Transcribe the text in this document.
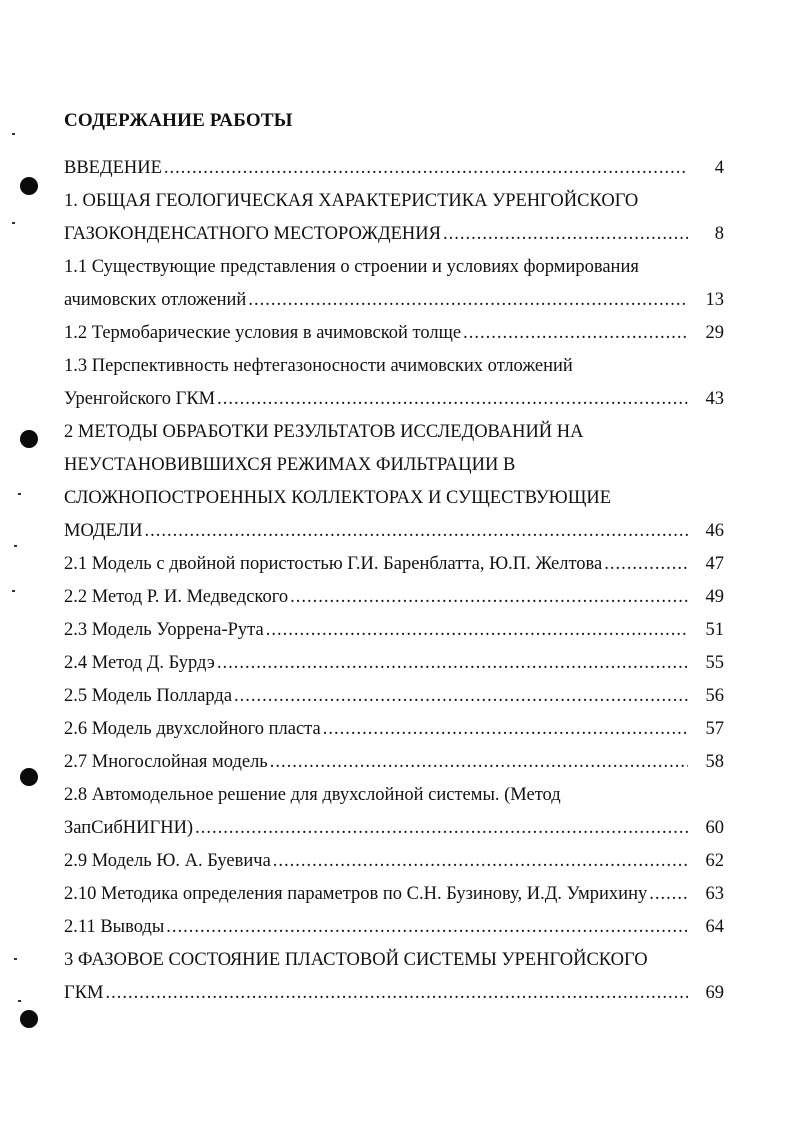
СОДЕРЖАНИЕ РАБОТЫ
ВВЕДЕНИЕ .....	4
1. ОБЩАЯ ГЕОЛОГИЧЕСКАЯ ХАРАКТЕРИСТИКА УРЕНГОЙСКОГО
ГАЗОКОНДЕНСАТНОГО МЕСТОРОЖДЕНИЯ .....	8
1.1 Существующие представления о строении и условиях формирования
ачимовских отложений .....	13
1.2 Термобарические условия в ачимовской толще .....	29
1.3 Перспективность нефтегазоносности ачимовских отложений
Уренгойского ГКМ .....	43
2 МЕТОДЫ ОБРАБОТКИ РЕЗУЛЬТАТОВ ИССЛЕДОВАНИЙ НА
НЕУСТАНОВИВШИХСЯ РЕЖИМАХ ФИЛЬТРАЦИИ В
СЛОЖНОПОСТРОЕННЫХ КОЛЛЕКТОРАХ И СУЩЕСТВУЮЩИЕ
МОДЕЛИ .....	46
2.1 Модель с двойной пористостью Г.И. Баренблатта, Ю.П. Желтова .....	47
2.2 Метод Р. И. Медведского .....	49
2.3 Модель Уоррена-Рута .....	51
2.4 Метод Д. Бурдэ .....	55
2.5 Модель Полларда .....	56
2.6 Модель двухслойного пласта .....	57
2.7 Многослойная модель .....	58
2.8 Автомодельное решение для двухслойной системы. (Метод
ЗапСибНИГНИ) .....	60
2.9 Модель Ю. А. Буевича .....	62
2.10 Методика определения параметров по С.Н. Бузинову, И.Д. Умрихину .....	63
2.11 Выводы .....	64
3 ФАЗОВОЕ СОСТОЯНИЕ ПЛАСТОВОЙ СИСТЕМЫ УРЕНГОЙСКОГО
ГКМ .....	69
